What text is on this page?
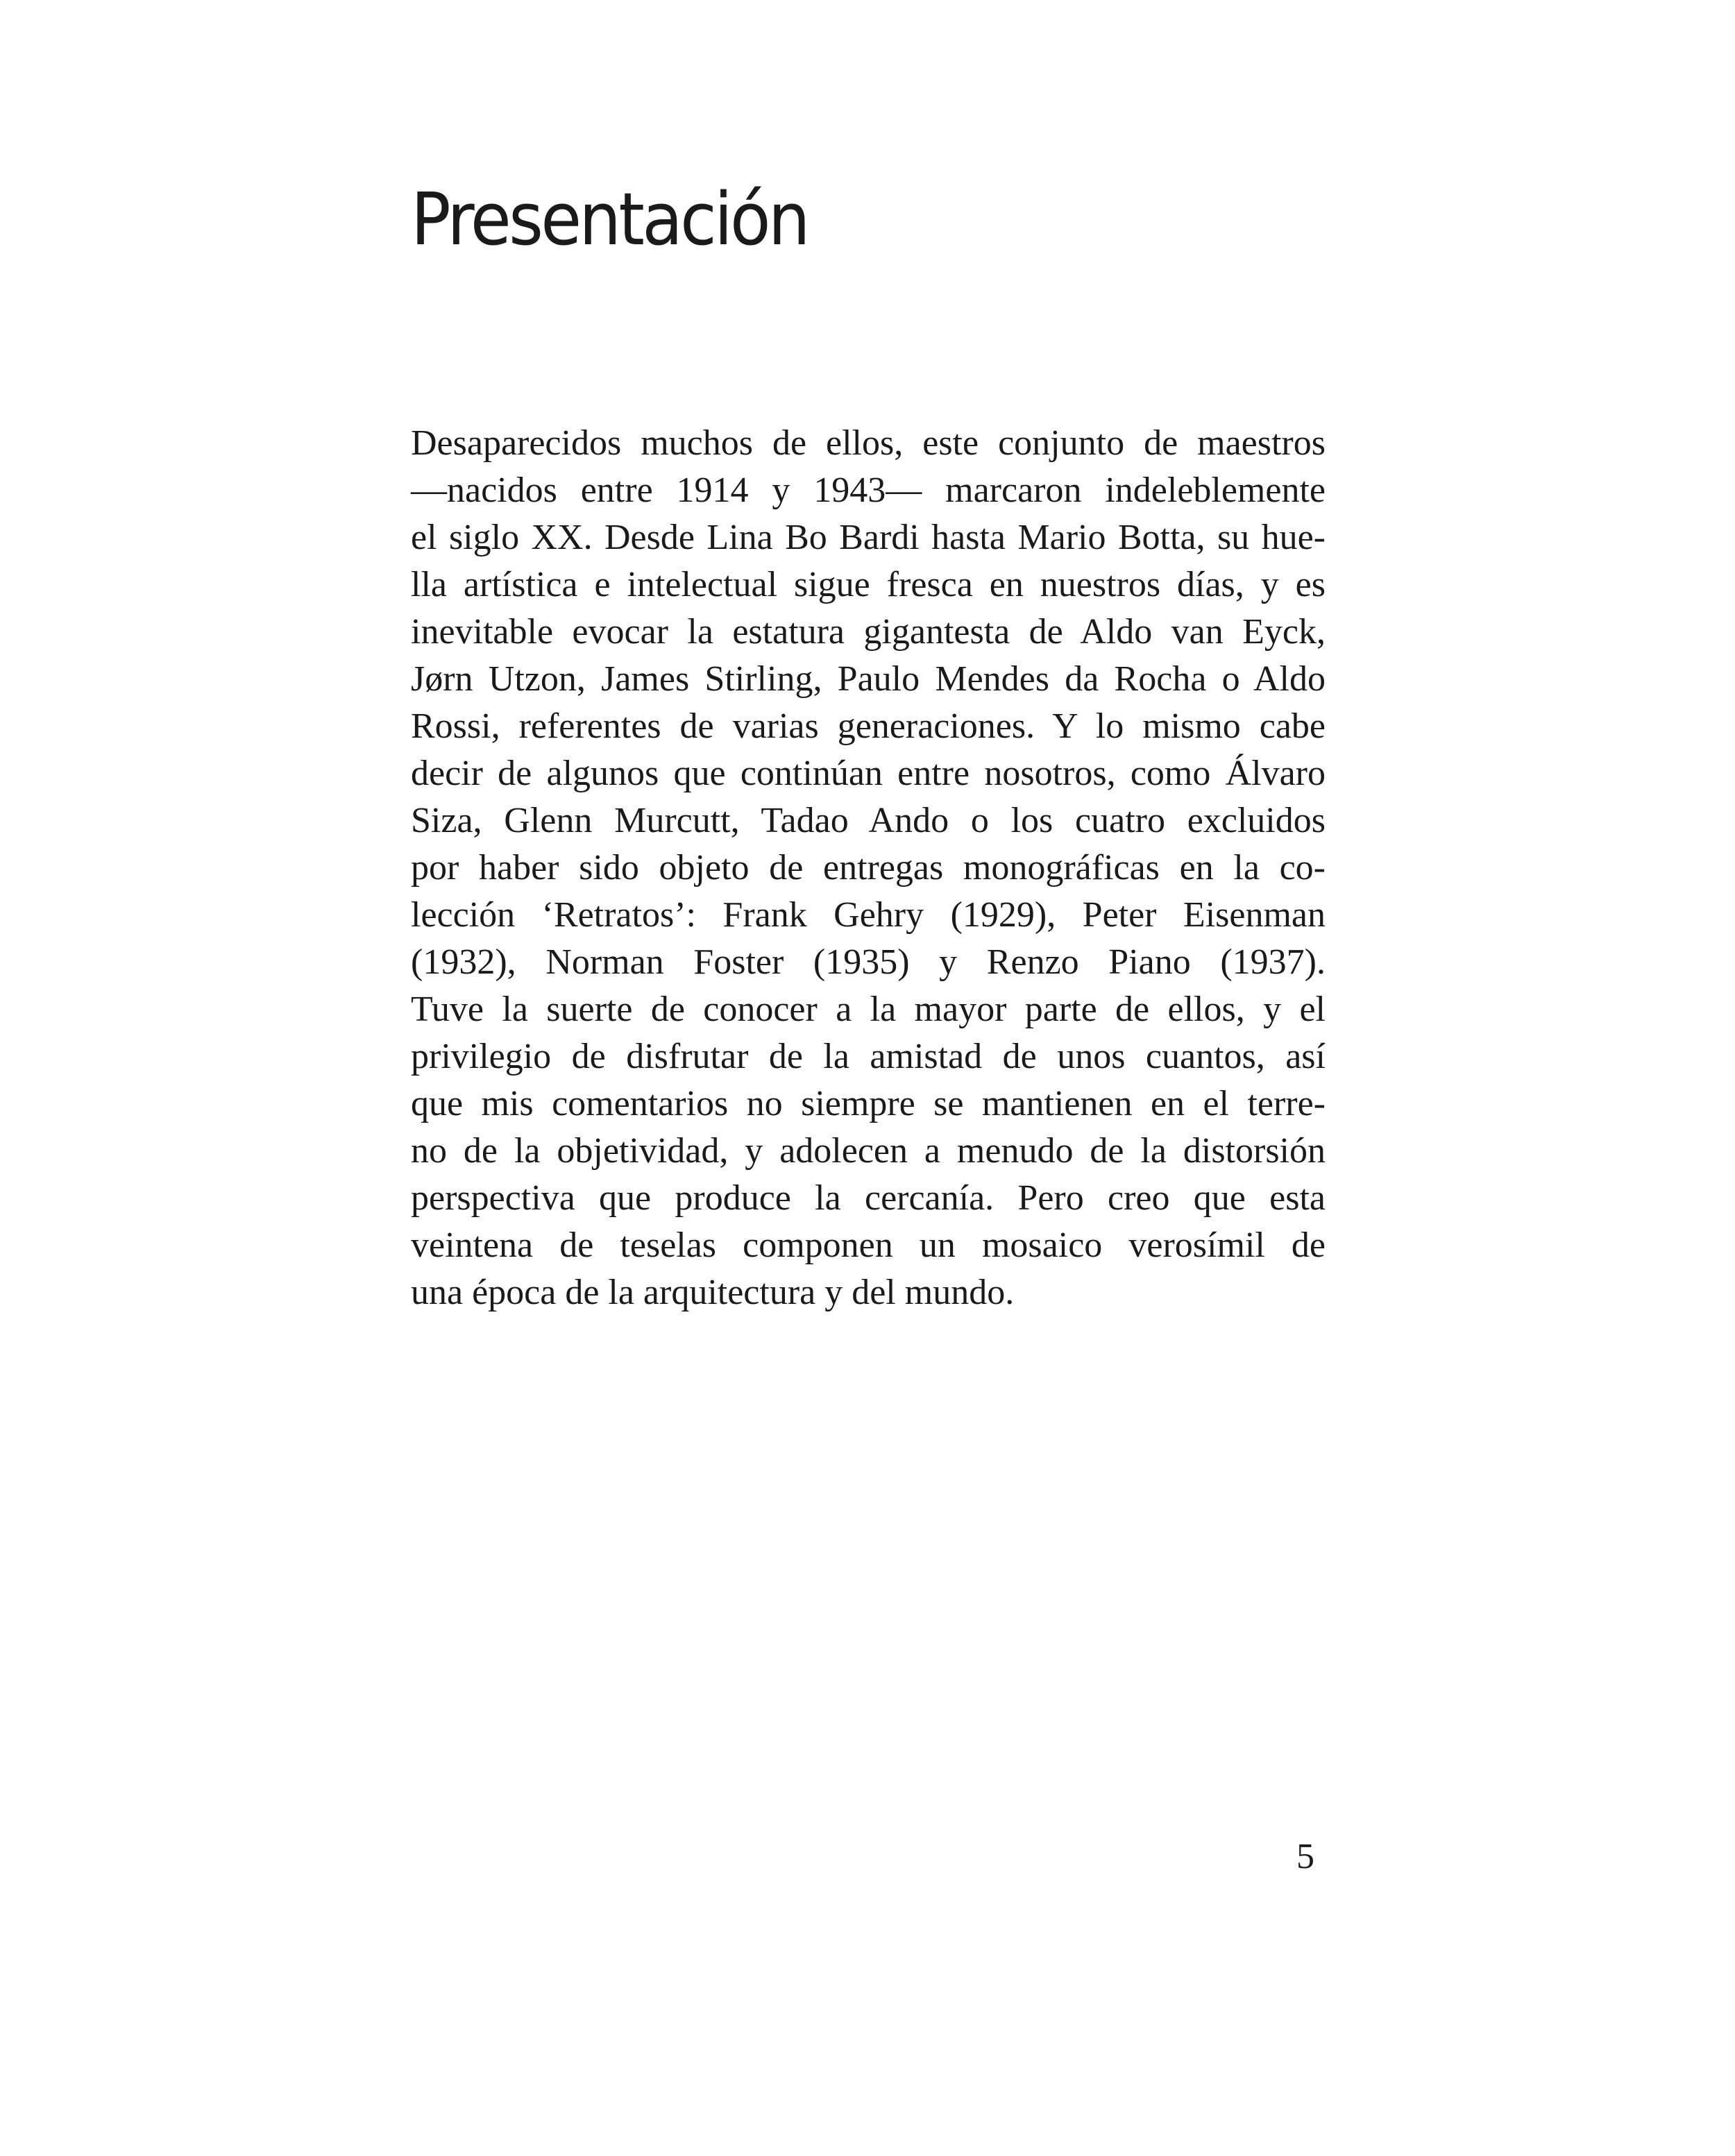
Presentación
Desaparecidos muchos de ellos, este conjunto de maestros
—nacidos entre 1914 y 1943— marcaron indeleblemente
el siglo XX. Desde Lina Bo Bardi hasta Mario Botta, su hue-
lla artística e intelectual sigue fresca en nuestros días, y es
inevitable evocar la estatura gigantesta de Aldo van Eyck,
Jørn Utzon, James Stirling, Paulo Mendes da Rocha o Aldo
Rossi, referentes de varias generaciones. Y lo mismo cabe
decir de algunos que continúan entre nosotros, como Álvaro
Siza, Glenn Murcutt, Tadao Ando o los cuatro excluidos
por haber sido objeto de entregas monográficas en la co-
lección ‘Retratos’: Frank Gehry (1929), Peter Eisenman
(1932), Norman Foster (1935) y Renzo Piano (1937).
Tuve la suerte de conocer a la mayor parte de ellos, y el
privilegio de disfrutar de la amistad de unos cuantos, así
que mis comentarios no siempre se mantienen en el terre-
no de la objetividad, y adolecen a menudo de la distorsión
perspectiva que produce la cercanía. Pero creo que esta
veintena de teselas componen un mosaico verosímil de
una época de la arquitectura y del mundo.

5
